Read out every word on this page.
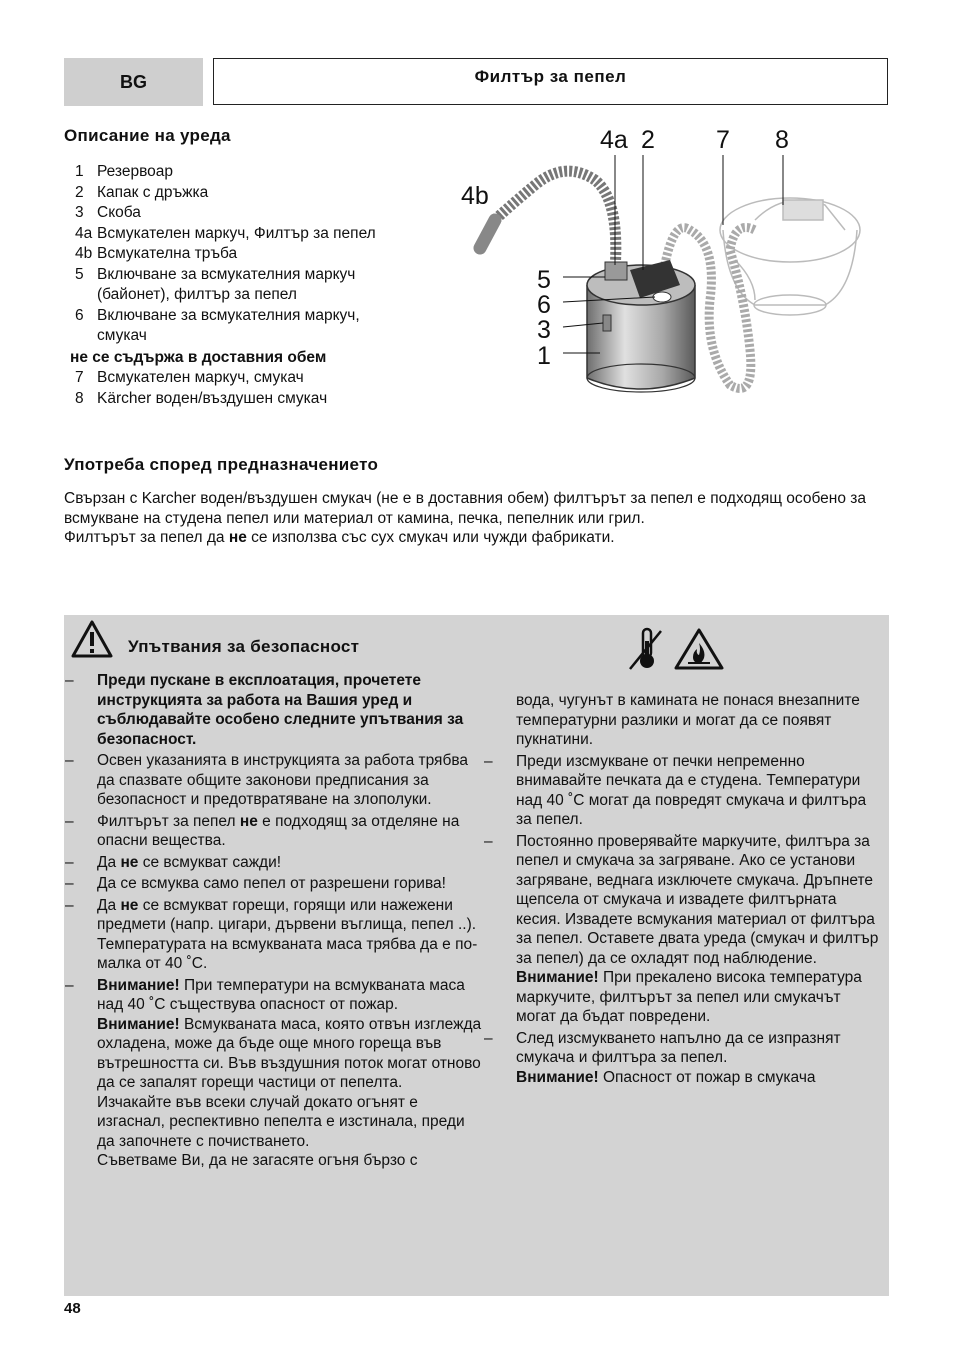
BG	Филтър за пепел
Описание на уреда
1 Резервоар
2 Капак с дръжка
3 Скоба
4a Всмукателен маркуч, Филтър за пепел
4b Всмукателна тръба
5 Включване за всмукателния маркуч
(байонет), филтър за пепел
6 Включване за всмукателния маркуч,
смукач
не се съдържа в доставния обем
7 Всмукателен маркуч, смукач
8 Kärcher воден/въздушен смукач
4a 2 7 8
4b
5
6
3
1
Употреба според предназначението
Свързан с Karcher воден/въздушен смукач (не е в доставния обем) филтърът за пепел е подходящ особено за всмукване на студена пепел или материал от камина, печка, пепелник или грил.
Филтърът за пепел да не се използва със сух смукач или чужди фабрикати.
Упътвания за безопасност
– Преди пускане в експлоатация, прочетете инструкцията за работа на Вашия уред и съблюдавайте особено следните упътвания за безопасност.

– Освен указанията в инструкцията за работа трябва да спазвате общите законови предписания за безопасност и предотвратяване на злополуки.

– Филтърът за пепел не е подходящ за отделяне на опасни вещества.

– Да не се всмукват сажди!

– Да се всмуква само пепел от разрешени горива!

– Да не се всмукват горещи, горящи или нажежени предмети (напр. цигари, дървени въглища, пепел ..). Температурата на всмукваната маса трябва да е по-малка от 40 ˚C.

– Внимание! При температури на всмукваната маса над 40 ˚C съществува опасност от пожар.

Внимание! Всмукваната маса, която отвън изглежда охладена, може да бъде още много гореща във вътрешността си. Във въздушния поток могат отново да се запалят горещи частици от пепелта.

Изчакайте във всеки случай докато огънят е изгаснал, респективно пепелта е изстинала, преди да започнете с почистването.

Съветваме Ви, да не загасяте огъня бързо с

вода, чугунът в камината не понася внезапните температурни разлики и могат да се появят пукнатини.

– Преди изсмукване от печки непременно внимавайте печката да е студена. Температури над 40 ˚C могат да повредят смукача и филтъра за пепел.

– Постоянно проверявайте маркучите, филтъра за пепел и смукача за загряване. Ако се установи загряване, веднага изключете смукача. Дръпнете щепсела от смукача и извадете филтърната кесия. Извадете всмукания материал от филтъра за пепел. Оставете двата уреда (смукач и филтър за пепел) да се охладят под наблюдение.

Внимание! При прекалено висока температура маркучите, филтърът за пепел или смукачът могат да бъдат повредени.

– След изсмукването напълно да се изпразнят смукача и филтъра за пепел.

Внимание! Опасност от пожар в смукача

48
